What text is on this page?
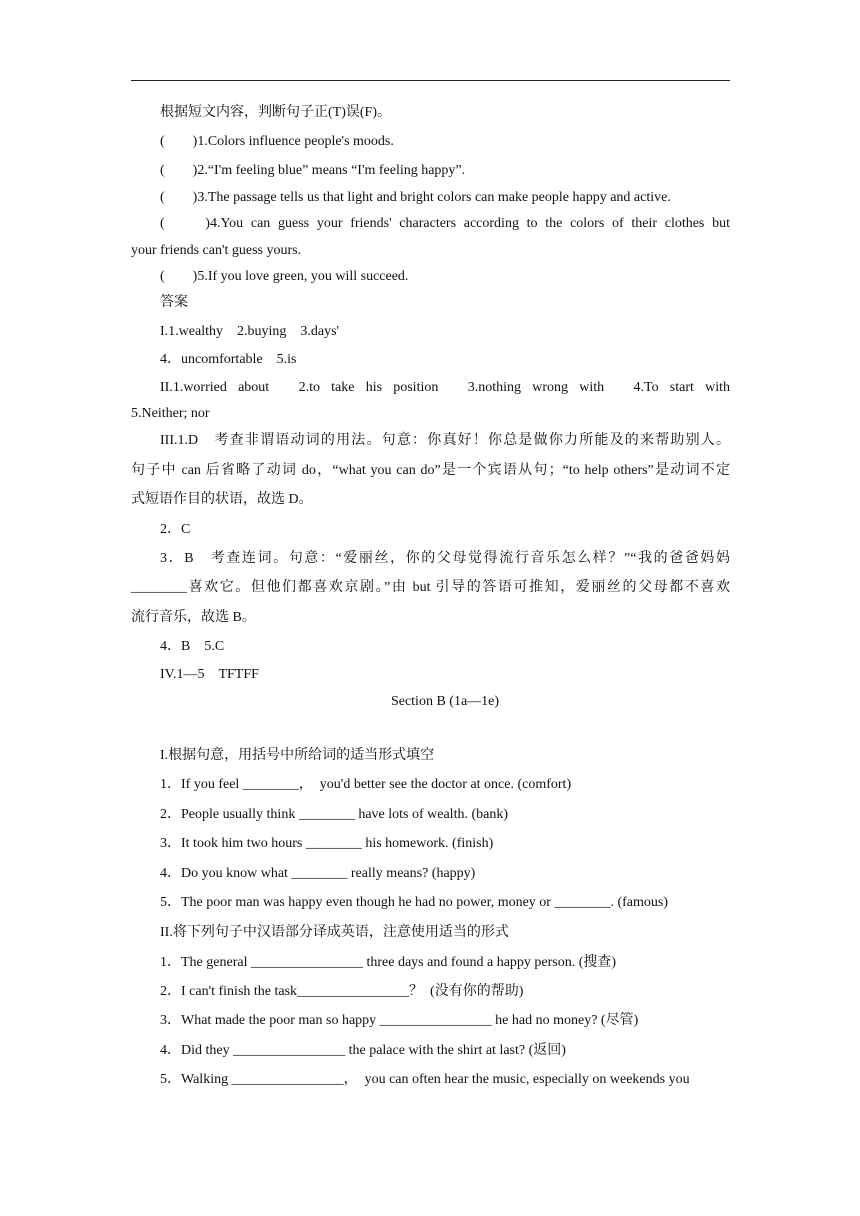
根据短文内容，判断句子正(T)误(F)。

(　　)1.Colors influence people's moods.

(　　)2.“I'm feeling blue” means “I'm feeling happy”.

(　　)3.The passage tells us that light and bright colors can make people happy and active.

(　　)4.You can guess your friends' characters according to the colors of their clothes but

your friends can't guess yours.

(　　)5.If you love green, you will succeed.

答案

I.1.wealthy　2.buying　3.days'

4．uncomfortable　5.is

II.1.worried about　2.to take his position　3.nothing wrong with　4.To start with

5.Neither; nor

III.1.D　考查非谓语动词的用法。句意：你真好！你总是做你力所能及的来帮助别人。

句子中 can 后省略了动词 do，“what you can do”是一个宾语从句；“to help others”是动词不定

式短语作目的状语，故选 D。

2．C

3．B　考查连词。句意：“爱丽丝，你的父母觉得流行音乐怎么样？”“我的爸爸妈妈

________喜欢它。但他们都喜欢京剧。”由 but 引导的答语可推知，爱丽丝的父母都不喜欢

流行音乐，故选 B。

4．B　5.C

IV.1—5　TFTFF

Section B (1a—1e)

I.根据句意，用括号中所给词的适当形式填空

1．If you feel ________，  you'd better see the doctor at once. (comfort)

2．People usually think ________ have lots of wealth. (bank)

3．It took him two hours ________ his homework. (finish)

4．Do you know what ________ really means? (happy)

5．The poor man was happy even though he had no power, money or ________. (famous)

II.将下列句子中汉语部分译成英语，注意使用适当的形式

1．The general ________________ three days and found a happy person. (搜查)

2．I can't finish the task________________？  (没有你的帮助)

3．What made the poor man so happy ________________ he had no money? (尽管)

4．Did they ________________ the palace with the shirt at last? (返回)

5．Walking ________________，  you can often hear the music, especially on weekends you
